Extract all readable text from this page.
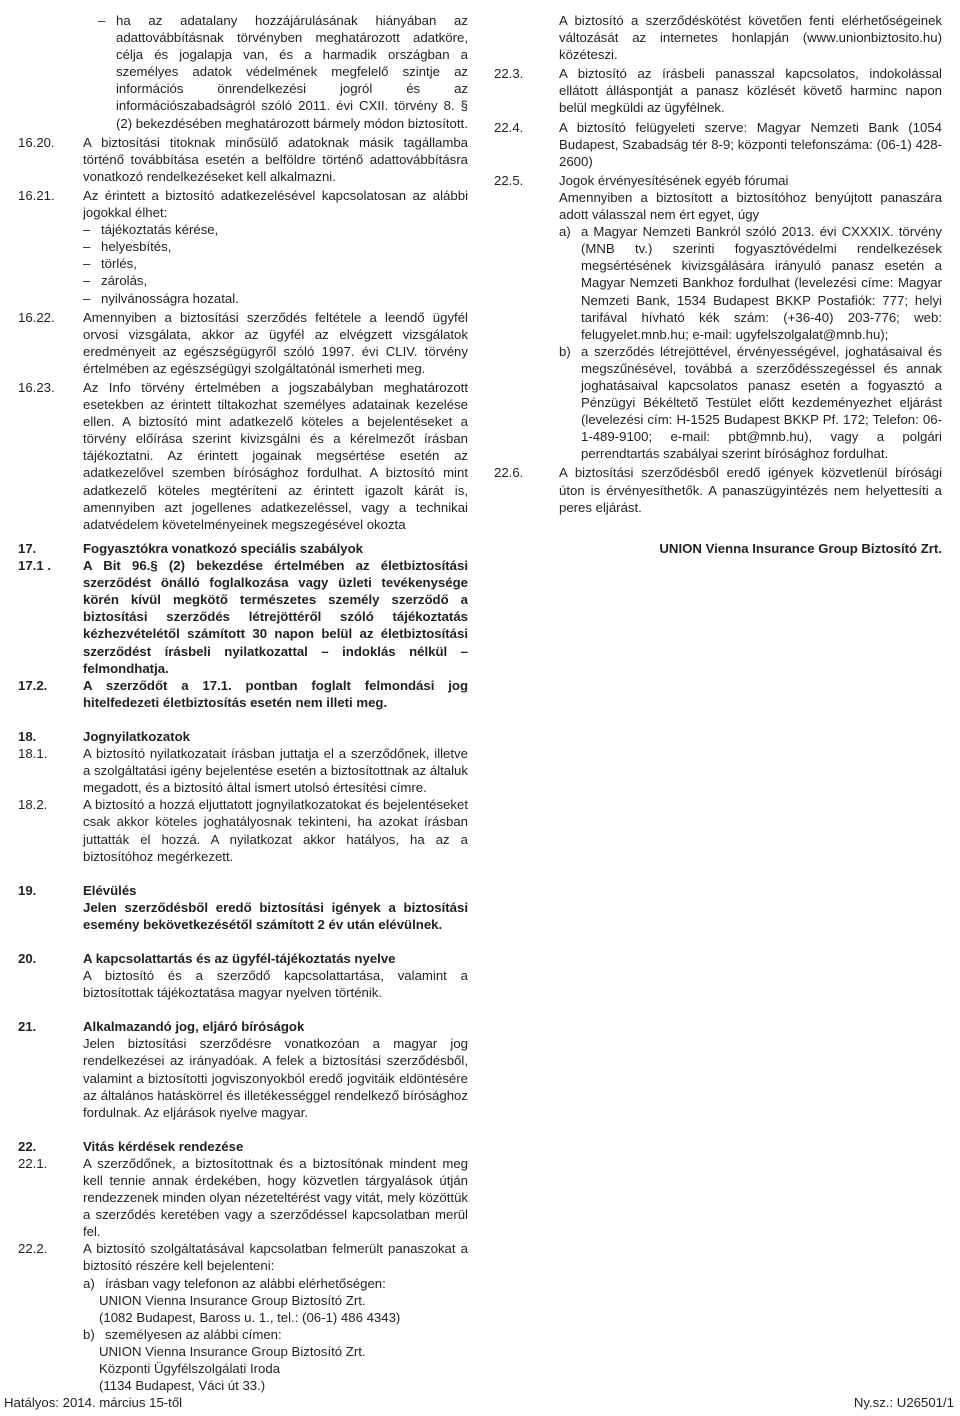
– ha az adatalany hozzájárulásának hiányában az adattovábbításnak törvényben meghatározott adatköre, célja és jogalapja van, és a harmadik országban a személyes adatok védelmének megfelelő szintje az információs önrendelkezési jogról és az információszabadságról szóló 2011. évi CXII. törvény 8. § (2) bekezdésében meghatározott bármely módon biztosított.
16.20.	A biztosítási titoknak minősülő adatoknak másik tagállamba történő továbbítása esetén a belföldre történő adattovábbításra vonatkozó rendelkezéseket kell alkalmazni.
16.21.	Az érintett a biztosító adatkezelésével kapcsolatosan az alábbi jogokkal élhet:
– tájékoztatás kérése,
– helyesbítés,
– törlés,
– zárolás,
– nyilvánosságra hozatal.
16.22.	Amennyiben a biztosítási szerződés feltétele a leendő ügyfél orvosi vizsgálata, akkor az ügyfél az elvégzett vizsgálatok eredményeit az egészségügyről szóló 1997. évi CLIV. törvény értelmében az egészségügyi szolgáltatónál ismerheti meg.
16.23.	Az Info törvény értelmében a jogszabályban meghatározott esetekben az érintett tiltakozhat személyes adatainak kezelése ellen. A biztosító mint adatkezelő köteles a bejelentéseket a törvény előírása szerint kivizsgálni és a kérelmezőt írásban tájékoztatni. Az érintett jogainak megsértése esetén az adatkezelővel szemben bírósághoz fordulhat. A biztosító mint adatkezelő köteles megtéríteni az érintett igazolt kárát is, amennyiben azt jogellenes adatkezeléssel, vagy a technikai adatvédelem követelményeinek megszegésével okozta
A biztosító a szerződéskötést követően fenti elérhetőségeinek változását az internetes honlapján (www.unionbiztosito.hu) közéteszi.
22.3.	A biztosító az írásbeli panasszal kapcsolatos, indokolással ellátott álláspontját a panasz közlését követő harminc napon belül megküldi az ügyfélnek.
22.4.	A biztosító felügyeleti szerve: Magyar Nemzeti Bank (1054 Budapest, Szabadság tér 8-9; központi telefonszáma: (06-1) 428-2600)
22.5.	Jogok érvényesítésének egyéb fórumai
Amennyiben a biztosított a biztosítóhoz benyújtott panaszára adott válasszal nem ért egyet, úgy
a) a Magyar Nemzeti Bankról szóló 2013. évi CXXXIX. törvény (MNB tv.) szerinti fogyasztóvédelmi rendelkezések megsértésének kivizsgálására irányuló panasz esetén a Magyar Nemzeti Bankhoz fordulhat (levelezési címe: Magyar Nemzeti Bank, 1534 Budapest BKKP Postafiók: 777; helyi tarifával hívható kék szám: (+36-40) 203-776; web: felugyelet.mnb.hu; e-mail: ugyfelszolgalat@mnb.hu);
b) a szerződés létrejöttével, érvényességével, joghatásaival és megszűnésével, továbbá a szerződésszegéssel és annak joghatásaival kapcsolatos panasz esetén a fogyasztó a Pénzügyi Békéltető Testület előtt kezdeményezhet eljárást (levelezési cím: H-1525 Budapest BKKP Pf. 172; Telefon: 06-1-489-9100; e-mail: pbt@mnb.hu), vagy a polgári perrendtartás szabályai szerint bírósághoz fordulhat.
22.6.	A biztosítási szerződésből eredő igények közvetlenül bírósági úton is érvényesíthetők. A panaszügyintézés nem helyettesíti a peres eljárást.
UNION Vienna Insurance Group Biztosító Zrt.
17.	Fogyasztókra vonatkozó speciális szabályok
17.1 .	A Bit 96.§ (2) bekezdése értelmében az életbiztosítási szerződést önálló foglalkozása vagy üzleti tevékenysége körén kívül megkötő természetes személy szerződő a biztosítási szerződés létrejöttéről szóló tájékoztatás kézhezvételétől számított 30 napon belül az életbiztosítási szerződést írásbeli nyilatkozattal – indoklás nélkül – felmondhatja.
17.2.	A szerződőt a 17.1. pontban foglalt felmondási jog hitelfedezeti életbiztosítás esetén nem illeti meg.
18.	Jognyilatkozatok
18.1.	A biztosító nyilatkozatait írásban juttatja el a szerződőnek, illetve a szolgáltatási igény bejelentése esetén a biztosítottnak az általuk megadott, és a biztosító által ismert utolsó értesítési címre.
18.2.	A biztosító a hozzá eljuttatott jognyilatkozatokat és bejelentéseket csak akkor köteles joghatályosnak tekinteni, ha azokat írásban juttatták el hozzá. A nyilatkozat akkor hatályos, ha az a biztosítóhoz megérkezett.
19.	Elévülés
Jelen szerződésből eredő biztosítási igények a biztosítási esemény bekövetkezésétől számított 2 év után elévülnek.
20.	A kapcsolattartás és az ügyfél-tájékoztatás nyelve
A biztosító és a szerződő kapcsolattartása, valamint a biztosítottak tájékoztatása magyar nyelven történik.
21.	Alkalmazandó jog, eljáró bíróságok
Jelen biztosítási szerződésre vonatkozóan a magyar jog rendelkezései az irányadóak. A felek a biztosítási szerződésből, valamint a biztosítotti jogviszonyokból eredő jogvitáik eldöntésére az általános hatáskörrel és illetékességgel rendelkező bírósághoz fordulnak. Az eljárások nyelve magyar.
22.	Vitás kérdések rendezése
22.1.	A szerződőnek, a biztosítottnak és a biztosítónak mindent meg kell tennie annak érdekében, hogy közvetlen tárgyalások útján rendezzenek minden olyan nézeteltérést vagy vitát, mely közöttük a szerződés keretében vagy a szerződéssel kapcsolatban merül fel.
22.2.	A biztosító szolgáltatásával kapcsolatban felmerült panaszokat a biztosító részére kell bejelenteni:
a) írásban vagy telefonon az alábbi elérhetőségen:
UNION Vienna Insurance Group Biztosító Zrt.
(1082 Budapest, Baross u. 1., tel.: (06-1) 486 4343)
b) személyesen az alábbi címen:
UNION Vienna Insurance Group Biztosító Zrt.
Központi Ügyfélszolgálati Iroda
(1134 Budapest, Váci út 33.)
Hatályos: 2014. március 15-től	Ny.sz.: U26501/1
